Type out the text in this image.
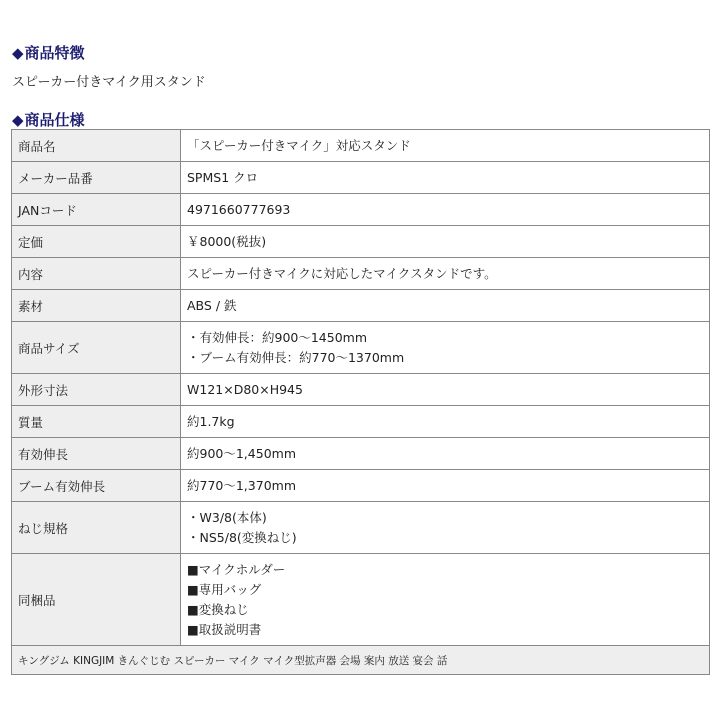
◆商品特徴

スピーカー付きマイク用スタンド

◆商品仕様
商品名	「スピーカー付きマイク」対応スタンド

メーカー品番	SPMS1 クロ

JANコード	4971660777693

定価	￥8000(税抜)

内容	スピーカー付きマイクに対応したマイクスタンドです。

素材	ABS / 鉄

商品サイズ	・有効伸長：約900～1450mm
・ブーム有効伸長：約770～1370mm

外形寸法	W121×D80×H945

質量	約1.7kg

有効伸長	約900～1,450mm

ブーム有効伸長	約770～1,370mm

ねじ規格	・W3/8(本体)
・NS5/8(変換ねじ)

同梱品	■マイクホルダー
■専用バッグ
■変換ねじ
■取扱説明書

キングジム KINGJIM きんぐじむ スピーカー マイク マイク型拡声器 会場 案内 放送 宴会 話	
